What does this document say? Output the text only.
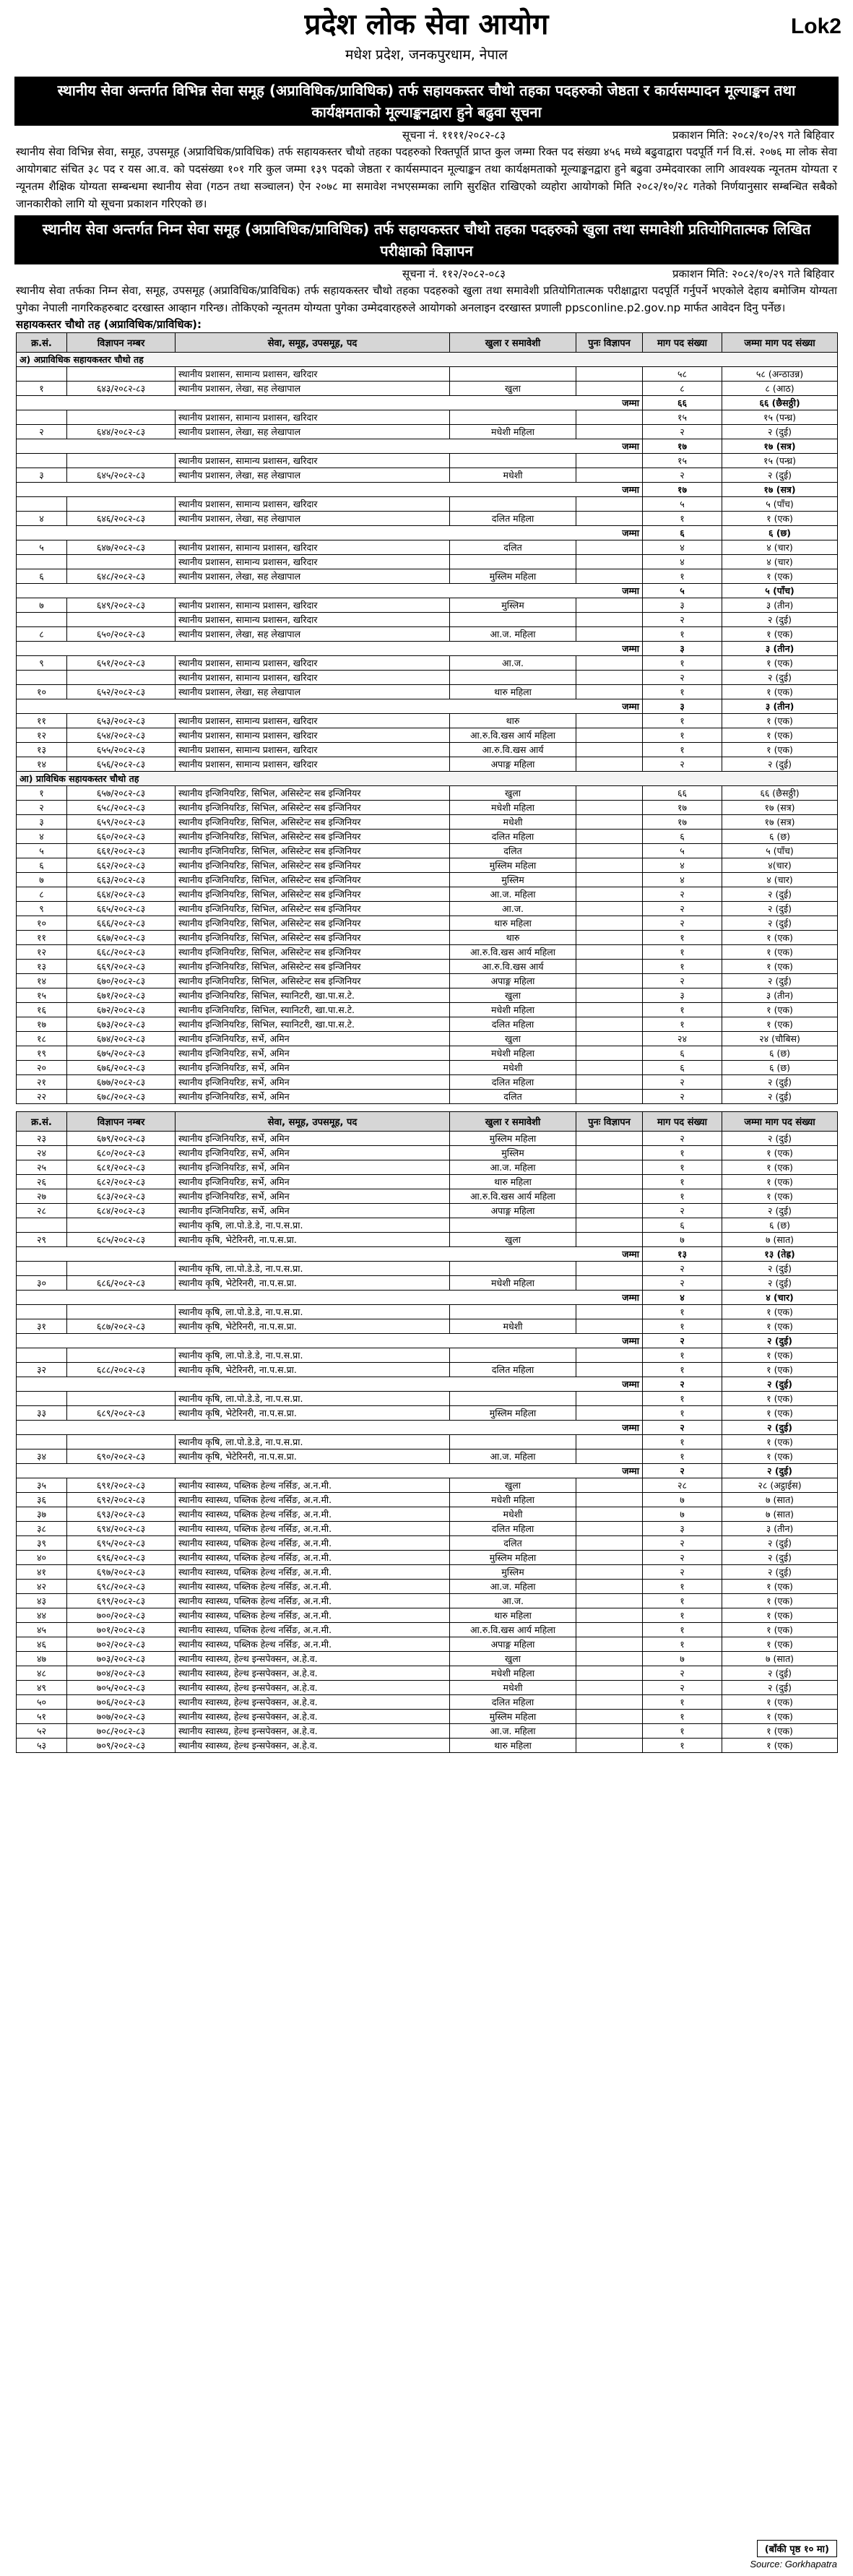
प्रदेश लोक सेवा आयोग
मधेश प्रदेश, जनकपुरधाम, नेपाल
Lok2
स्थानीय सेवा अन्तर्गत विभिन्न सेवा समूह (अप्राविधिक/प्राविधिक) तर्फ सहायकस्तर चौथो तहका पदहरुको जेष्ठता र कार्यसम्पादन मूल्याङ्कन तथा कार्यक्षमताको मूल्याङ्कनद्वारा हुने बढुवा सूचना
सूचना नं. ११११/२०८२-८३	प्रकाशन मिति: २०८२/१०/२९ गते बिहिवार
स्थानीय सेवा विभिन्न सेवा, समूह, उपसमूह (अप्राविधिक/प्राविधिक) तर्फ सहायकस्तर चौथो तहका पदहरुको रिक्तपूर्ति प्राप्त कुल जम्मा रिक्त पद संख्या ४५६ मध्ये बढुवाद्वारा पदपूर्ति गर्न वि.सं. २०७६ मा लोक सेवा आयोगबाट संचित ३८ पद र यस आ.व. को पदसंख्या १०१ गरि कुल जम्मा १३९ पदको जेष्ठता र कार्यसम्पादन मूल्याङ्कन तथा कार्यक्षमताको मूल्याङ्कनद्वारा हुने बढुवा उम्मेदवारका लागि आवश्यक न्यूनतम योग्यता र न्यूनतम शैक्षिक योग्यता सम्बन्धमा स्थानीय सेवा (गठन तथा सञ्चालन) ऐन २०७८ मा समावेश नभएसम्मका लागि सुरक्षित राखिएको व्यहोरा आयोगको मिति २०८२/१०/२८ गतेको निर्णयानुसार सम्बन्धित सबैको जानकारीको लागि यो सूचना प्रकाशन गरिएको छ।
स्थानीय सेवा अन्तर्गत निम्न सेवा समूह (अप्राविधिक/प्राविधिक) तर्फ सहायकस्तर चौथो तहका पदहरुको खुला तथा समावेशी प्रतियोगितात्मक लिखित परीक्षाको विज्ञापन
सूचना नं. ११२/२०८२-०८३	प्रकाशन मिति: २०८२/१०/२९ गते बिहिवार
स्थानीय सेवा तर्फका निम्न सेवा, समूह, उपसमूह (अप्राविधिक/प्राविधिक) तर्फ सहायकस्तर चौथो तहका पदहरुको खुला तथा समावेशी प्रतियोगितात्मक परीक्षाद्वारा पदपूर्ति गर्नुपर्ने भएकोले देहाय बमोजिम योग्यता पुगेका नेपाली नागरिकहरुबाट दरखास्त आव्हान गरिन्छ। तोकिएको न्यूनतम योग्यता पुगेका उम्मेदवारहरुले आयोगको अनलाइन दरखास्त प्रणाली ppsconline.p2.gov.np मार्फत आवेदन दिनु पर्नेछ।
सहायकस्तर चौथो तह (अप्राविधिक/प्राविधिक):
क्र.सं.	विज्ञापन नम्बर	सेवा, समूह, उपसमूह, पद	खुला र समावेशी	पुनः विज्ञापन	माग पद संख्या	जम्मा माग पद संख्या
अ) अप्राविधिक सहायकस्तर चौथो तह						
		स्थानीय प्रशासन, सामान्य प्रशासन, खरिदार			५८	५८ (अन्ठाउन्न)
१	६४३/२०८२-८३	स्थानीय प्रशासन, लेखा, सह लेखापाल	खुला		८	८ (आठ)
जम्मा					६६	६६ (छैसठ्ठी)
		स्थानीय प्रशासन, सामान्य प्रशासन, खरिदार			१५	१५ (पन्ध्र)
२	६४४/२०८२-८३	स्थानीय प्रशासन, लेखा, सह लेखापाल	मधेशी महिला		२	२ (दुई)
जम्मा					१७	१७ (सत्र)
		स्थानीय प्रशासन, सामान्य प्रशासन, खरिदार			१५	१५ (पन्ध्र)
३	६४५/२०८२-८३	स्थानीय प्रशासन, लेखा, सह लेखापाल	मधेशी		२	२ (दुई)
जम्मा					१७	१७ (सत्र)
		स्थानीय प्रशासन, सामान्य प्रशासन, खरिदार			५	५ (पाँच)
४	६४६/२०८२-८३	स्थानीय प्रशासन, लेखा, सह लेखापाल	दलित महिला		१	१ (एक)
जम्मा					६	६ (छ)
५	६४७/२०८२-८३	स्थानीय प्रशासन, सामान्य प्रशासन, खरिदार	दलित		४	४ (चार)
		स्थानीय प्रशासन, सामान्य प्रशासन, खरिदार			४	४ (चार)
६	६४८/२०८२-८३	स्थानीय प्रशासन, लेखा, सह लेखापाल	मुस्लिम महिला		१	१ (एक)
जम्मा					५	५ (पाँच)
७	६४९/२०८२-८३	स्थानीय प्रशासन, सामान्य प्रशासन, खरिदार	मुस्लिम		३	३ (तीन)
		स्थानीय प्रशासन, सामान्य प्रशासन, खरिदार			२	२ (दुई)
८	६५०/२०८२-८३	स्थानीय प्रशासन, लेखा, सह लेखापाल	आ.ज. महिला		१	१ (एक)
जम्मा					३	३ (तीन)
९	६५१/२०८२-८३	स्थानीय प्रशासन, सामान्य प्रशासन, खरिदार	आ.ज.		१	१ (एक)
		स्थानीय प्रशासन, सामान्य प्रशासन, खरिदार			२	२ (दुई)
१०	६५२/२०८२-८३	स्थानीय प्रशासन, लेखा, सह लेखापाल	थारु महिला		१	१ (एक)
जम्मा					३	३ (तीन)
११	६५३/२०८२-८३	स्थानीय प्रशासन, सामान्य प्रशासन, खरिदार	थारु		१	१ (एक)
१२	६५४/२०८२-८३	स्थानीय प्रशासन, सामान्य प्रशासन, खरिदार	आ.रु.वि.खस आर्य महिला		१	१ (एक)
१३	६५५/२०८२-८३	स्थानीय प्रशासन, सामान्य प्रशासन, खरिदार	आ.रु.वि.खस आर्य		१	१ (एक)
१४	६५६/२०८२-८३	स्थानीय प्रशासन, सामान्य प्रशासन, खरिदार	अपाङ्ग महिला		२	२ (दुई)
आ) प्राविधिक सहायकस्तर चौथो तह						
१	६५७/२०८२-८३	स्थानीय इन्जिनियरिङ, सिभिल, असिस्टेन्ट सब इन्जिनियर	खुला		६६	६६ (छैसठ्ठी)
२	६५८/२०८२-८३	स्थानीय इन्जिनियरिङ, सिभिल, असिस्टेन्ट सब इन्जिनियर	मधेशी महिला		१७	१७ (सत्र)
३	६५९/२०८२-८३	स्थानीय इन्जिनियरिङ, सिभिल, असिस्टेन्ट सब इन्जिनियर	मधेशी		१७	१७ (सत्र)
४	६६०/२०८२-८३	स्थानीय इन्जिनियरिङ, सिभिल, असिस्टेन्ट सब इन्जिनियर	दलित महिला		६	६ (छ)
५	६६१/२०८२-८३	स्थानीय इन्जिनियरिङ, सिभिल, असिस्टेन्ट सब इन्जिनियर	दलित		५	५ (पाँच)
६	६६२/२०८२-८३	स्थानीय इन्जिनियरिङ, सिभिल, असिस्टेन्ट सब इन्जिनियर	मुस्लिम महिला		४	४(चार)
७	६६३/२०८२-८३	स्थानीय इन्जिनियरिङ, सिभिल, असिस्टेन्ट सब इन्जिनियर	मुस्लिम		४	४ (चार)
८	६६४/२०८२-८३	स्थानीय इन्जिनियरिङ, सिभिल, असिस्टेन्ट सब इन्जिनियर	आ.ज. महिला		२	२ (दुई)
९	६६५/२०८२-८३	स्थानीय इन्जिनियरिङ, सिभिल, असिस्टेन्ट सब इन्जिनियर	आ.ज.		२	२ (दुई)
१०	६६६/२०८२-८३	स्थानीय इन्जिनियरिङ, सिभिल, असिस्टेन्ट सब इन्जिनियर	थारु महिला		२	२ (दुई)
११	६६७/२०८२-८३	स्थानीय इन्जिनियरिङ, सिभिल, असिस्टेन्ट सब इन्जिनियर	थारु		१	१ (एक)
१२	६६८/२०८२-८३	स्थानीय इन्जिनियरिङ, सिभिल, असिस्टेन्ट सब इन्जिनियर	आ.रु.वि.खस आर्य महिला		१	१ (एक)
१३	६६९/२०८२-८३	स्थानीय इन्जिनियरिङ, सिभिल, असिस्टेन्ट सब इन्जिनियर	आ.रु.वि.खस आर्य		१	१ (एक)
१४	६७०/२०८२-८३	स्थानीय इन्जिनियरिङ, सिभिल, असिस्टेन्ट सब इन्जिनियर	अपाङ्ग महिला		२	२ (दुई)
१५	६७१/२०८२-८३	स्थानीय इन्जिनियरिङ, सिभिल, स्यानिटरी, खा.पा.स.टे.	खुला		३	३ (तीन)
१६	६७२/२०८२-८३	स्थानीय इन्जिनियरिङ, सिभिल, स्यानिटरी, खा.पा.स.टे.	मधेशी महिला		१	१ (एक)
१७	६७३/२०८२-८३	स्थानीय इन्जिनियरिङ, सिभिल, स्यानिटरी, खा.पा.स.टे.	दलित महिला		१	१ (एक)
१८	६७४/२०८२-८३	स्थानीय इन्जिनियरिङ, सर्भे, अमिन	खुला		२४	२४ (चौबिस)
१९	६७५/२०८२-८३	स्थानीय इन्जिनियरिङ, सर्भे, अमिन	मधेशी महिला		६	६ (छ)
२०	६७६/२०८२-८३	स्थानीय इन्जिनियरिङ, सर्भे, अमिन	मधेशी		६	६ (छ)
२१	६७७/२०८२-८३	स्थानीय इन्जिनियरिङ, सर्भे, अमिन	दलित महिला		२	२ (दुई)
२२	६७८/२०८२-८३	स्थानीय इन्जिनियरिङ, सर्भे, अमिन	दलित		२	२ (दुई)
क्र.सं.	विज्ञापन नम्बर	सेवा, समूह, उपसमूह, पद	खुला र समावेशी	पुनः विज्ञापन	माग पद संख्या	जम्मा माग पद संख्या
२३	६७९/२०८२-८३	स्थानीय इन्जिनियरिङ, सर्भे, अमिन	मुस्लिम महिला		२	२ (दुई)
२४	६८०/२०८२-८३	स्थानीय इन्जिनियरिङ, सर्भे, अमिन	मुस्लिम		१	१ (एक)
२५	६८१/२०८२-८३	स्थानीय इन्जिनियरिङ, सर्भे, अमिन	आ.ज. महिला		१	१ (एक)
२६	६८२/२०८२-८३	स्थानीय इन्जिनियरिङ, सर्भे, अमिन	थारु महिला		१	१ (एक)
२७	६८३/२०८२-८३	स्थानीय इन्जिनियरिङ, सर्भे, अमिन	आ.रु.वि.खस आर्य महिला		१	१ (एक)
२८	६८४/२०८२-८३	स्थानीय इन्जिनियरिङ, सर्भे, अमिन	अपाङ्ग महिला		२	२ (दुई)
		स्थानीय कृषि, ला.पो.डे.डे, ना.प.स.प्रा.			६	६ (छ)
२९	६८५/२०८२-८३	स्थानीय कृषि, भेटेरिनरी, ना.प.स.प्रा.	खुला		७	७ (सात)
जम्मा					१३	१३ (तेह्र)
		स्थानीय कृषि, ला.पो.डे.डे, ना.प.स.प्रा.			२	२ (दुई)
३०	६८६/२०८२-८३	स्थानीय कृषि, भेटेरिनरी, ना.प.स.प्रा.	मधेशी महिला		२	२ (दुई)
जम्मा					४	४ (चार)
		स्थानीय कृषि, ला.पो.डे.डे, ना.प.स.प्रा.			१	१ (एक)
३१	६८७/२०८२-८३	स्थानीय कृषि, भेटेरिनरी, ना.प.स.प्रा.	मधेशी		१	१ (एक)
जम्मा					२	२ (दुई)
		स्थानीय कृषि, ला.पो.डे.डे, ना.प.स.प्रा.			१	१ (एक)
३२	६८८/२०८२-८३	स्थानीय कृषि, भेटेरिनरी, ना.प.स.प्रा.	दलित महिला		१	१ (एक)
जम्मा					२	२ (दुई)
		स्थानीय कृषि, ला.पो.डे.डे, ना.प.स.प्रा.			१	१ (एक)
३३	६८९/२०८२-८३	स्थानीय कृषि, भेटेरिनरी, ना.प.स.प्रा.	मुस्लिम महिला		१	१ (एक)
जम्मा					२	२ (दुई)
		स्थानीय कृषि, ला.पो.डे.डे, ना.प.स.प्रा.			१	१ (एक)
३४	६९०/२०८२-८३	स्थानीय कृषि, भेटेरिनरी, ना.प.स.प्रा.	आ.ज. महिला		१	१ (एक)
जम्मा					२	२ (दुई)
३५	६९१/२०८२-८३	स्थानीय स्वास्थ्य, पब्लिक हेल्थ नर्सिङ, अ.न.मी.	खुला		२८	२८ (अट्ठाईस)
३६	६९२/२०८२-८३	स्थानीय स्वास्थ्य, पब्लिक हेल्थ नर्सिङ, अ.न.मी.	मधेशी महिला		७	७ (सात)
३७	६९३/२०८२-८३	स्थानीय स्वास्थ्य, पब्लिक हेल्थ नर्सिङ, अ.न.मी.	मधेशी		७	७ (सात)
३८	६९४/२०८२-८३	स्थानीय स्वास्थ्य, पब्लिक हेल्थ नर्सिङ, अ.न.मी.	दलित महिला		३	३ (तीन)
३९	६९५/२०८२-८३	स्थानीय स्वास्थ्य, पब्लिक हेल्थ नर्सिङ, अ.न.मी.	दलित		२	२ (दुई)
४०	६९६/२०८२-८३	स्थानीय स्वास्थ्य, पब्लिक हेल्थ नर्सिङ, अ.न.मी.	मुस्लिम महिला		२	२ (दुई)
४१	६९७/२०८२-८३	स्थानीय स्वास्थ्य, पब्लिक हेल्थ नर्सिङ, अ.न.मी.	मुस्लिम		२	२ (दुई)
४२	६९८/२०८२-८३	स्थानीय स्वास्थ्य, पब्लिक हेल्थ नर्सिङ, अ.न.मी.	आ.ज. महिला		१	१ (एक)
४३	६९९/२०८२-८३	स्थानीय स्वास्थ्य, पब्लिक हेल्थ नर्सिङ, अ.न.मी.	आ.ज.		१	१ (एक)
४४	७००/२०८२-८३	स्थानीय स्वास्थ्य, पब्लिक हेल्थ नर्सिङ, अ.न.मी.	थारु महिला		१	१ (एक)
४५	७०१/२०८२-८३	स्थानीय स्वास्थ्य, पब्लिक हेल्थ नर्सिङ, अ.न.मी.	आ.रु.वि.खस आर्य महिला		१	१ (एक)
४६	७०२/२०८२-८३	स्थानीय स्वास्थ्य, पब्लिक हेल्थ नर्सिङ, अ.न.मी.	अपाङ्ग महिला		१	१ (एक)
४७	७०३/२०८२-८३	स्थानीय स्वास्थ्य, हेल्थ इन्सपेक्सन, अ.हे.व.	खुला		७	७ (सात)
४८	७०४/२०८२-८३	स्थानीय स्वास्थ्य, हेल्थ इन्सपेक्सन, अ.हे.व.	मधेशी महिला		२	२ (दुई)
४९	७०५/२०८२-८३	स्थानीय स्वास्थ्य, हेल्थ इन्सपेक्सन, अ.हे.व.	मधेशी		२	२ (दुई)
५०	७०६/२०८२-८३	स्थानीय स्वास्थ्य, हेल्थ इन्सपेक्सन, अ.हे.व.	दलित महिला		१	१ (एक)
५१	७०७/२०८२-८३	स्थानीय स्वास्थ्य, हेल्थ इन्सपेक्सन, अ.हे.व.	मुस्लिम महिला		१	१ (एक)
५२	७०८/२०८२-८३	स्थानीय स्वास्थ्य, हेल्थ इन्सपेक्सन, अ.हे.व.	आ.ज. महिला		१	१ (एक)
५३	७०९/२०८२-८३	स्थानीय स्वास्थ्य, हेल्थ इन्सपेक्सन, अ.हे.व.	थारु महिला		१	१ (एक)
(बाँकी पृष्ठ १० मा)
Source: Gorkhapatra
